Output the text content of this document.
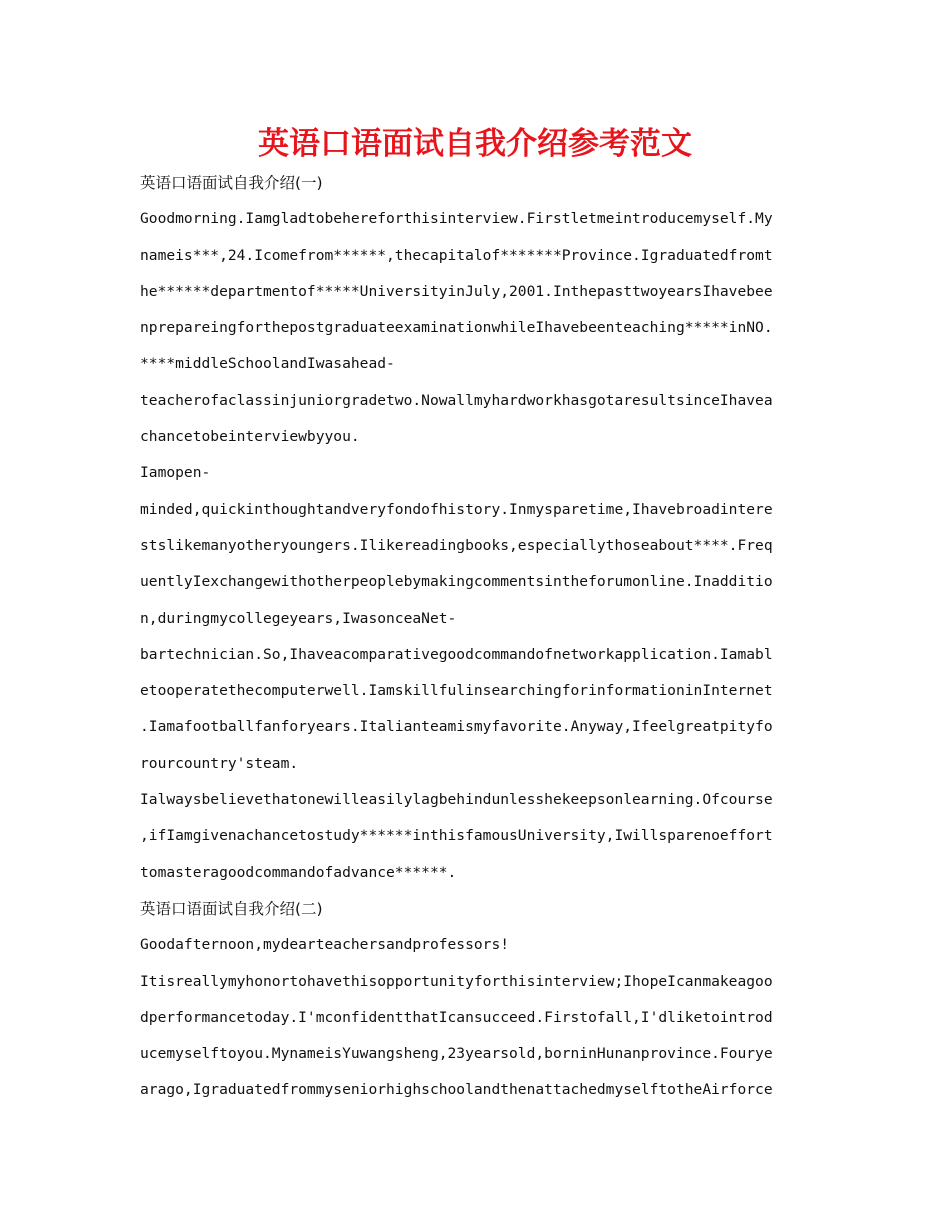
英语口语面试自我介绍参考范文
英语口语面试自我介绍(一)
Goodmorning.Iamgladtobehereforthisinterview.Firstletmeintroducemyself.My
nameis***,24.Icomefrom******,thecapitalof*******Province.Igraduatedfromt
he******departmentof*****UniversityinJuly,2001.InthepasttwoyearsIhavebee
nprepareingforthepostgraduateexaminationwhileIhavebeenteaching*****inNO.
****middleSchoolandIwasahead-
teacherofaclassinjuniorgradetwo.NowallmyhardworkhasgotaresultsinceIhavea
chancetobeinterviewbyyou.
Iamopen-
minded,quickinthoughtandveryfondofhistory.Inmysparetime,Ihavebroadintere
stslikemanyotheryoungers.Ilikereadingbooks,especiallythoseabout****.Freq
uentlyIexchangewithotherpeoplebymakingcommentsintheforumonline.Inadditio
n,duringmycollegeyears,IwasonceaNet-
bartechnician.So,Ihaveacomparativegoodcommandofnetworkapplication.Iamabl
etooperatethecomputerwell.IamskillfulinsearchingforinformationinInternet
.Iamafootballfanforyears.Italianteamismyfavorite.Anyway,Ifeelgreatpityfo
rourcountry'steam.
Ialwaysbelievethatonewilleasilylagbehindunlesshekeepsonlearning.Ofcourse
,ifIamgivenachancetostudy******inthisfamousUniversity,Iwillsparenoeffort
tomasteragoodcommandofadvance******.
英语口语面试自我介绍(二)
Goodafternoon,mydearteachersandprofessors!
Itisreallymyhonortohavethisopportunityforthisinterview;IhopeIcanmakeagoo
dperformancetoday.I'mconfidentthatIcansucceed.Firstofall,I'dliketointrod
ucemyselftoyou.MynameisYuwangsheng,23yearsold,borninHunanprovince.Fourye
arago,IgraduatedfrommyseniorhighschoolandthenattachedmyselftotheAirforce
